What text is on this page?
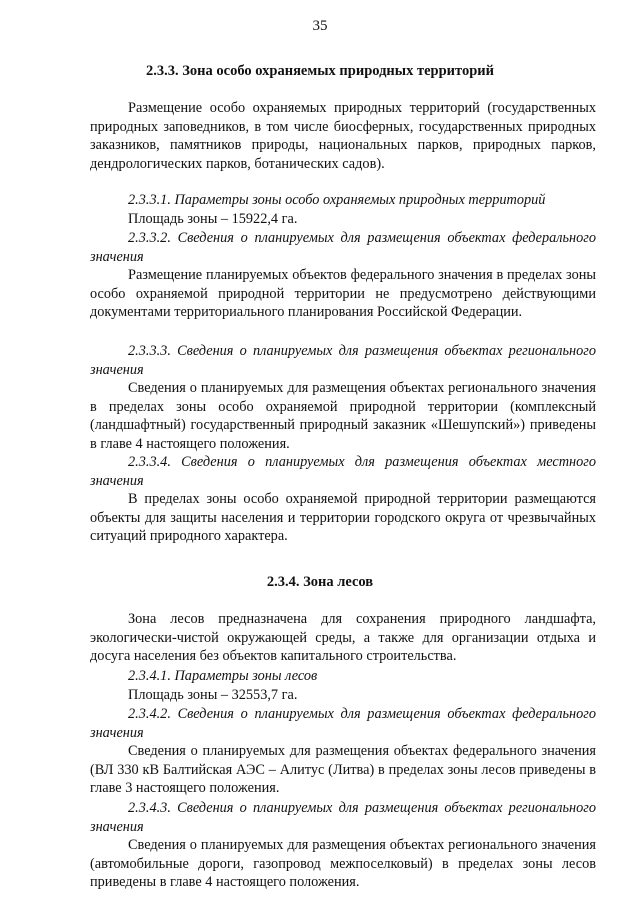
35
2.3.3. Зона особо охраняемых природных территорий

Размещение особо охраняемых природных территорий (государственных природных заповедников, в том числе биосферных, государственных природных заказников, памятников природы, национальных парков, природных парков, дендрологических парков, ботанических садов).

2.3.3.1. Параметры зоны особо охраняемых природных территорий

Площадь зоны – 15922,4 га.

2.3.3.2. Сведения о планируемых для размещения объектах федерального значения

Размещение планируемых объектов федерального значения в пределах зоны особо охраняемой природной территории не предусмотрено действующими документами территориального планирования Российской Федерации.

2.3.3.3. Сведения о планируемых для размещения объектах регионального значения

Сведения о планируемых для размещения объектах регионального значения в пределах зоны особо охраняемой природной территории (комплексный (ландшафтный) государственный природный заказник «Шешупский») приведены в главе 4 настоящего положения.

2.3.3.4. Сведения о планируемых для размещения объектах местного значения

В пределах зоны особо охраняемой природной территории размещаются объекты для защиты населения и территории городского округа от чрезвычайных ситуаций природного характера.

2.3.4. Зона лесов

Зона лесов предназначена для сохранения природного ландшафта, экологически-чистой окружающей среды, а также для организации отдыха и досуга населения без объектов капитального строительства.

2.3.4.1. Параметры зоны лесов

Площадь зоны – 32553,7 га.

2.3.4.2. Сведения о планируемых для размещения объектах федерального значения

Сведения о планируемых для размещения объектах федерального значения (ВЛ 330 кВ Балтийская АЭС – Алитус (Литва) в пределах зоны лесов приведены в главе 3 настоящего положения.

2.3.4.3. Сведения о планируемых для размещения объектах регионального значения

Сведения о планируемых для размещения объектах регионального значения (автомобильные дороги, газопровод межпоселковый) в пределах зоны лесов приведены в главе 4 настоящего положения.
